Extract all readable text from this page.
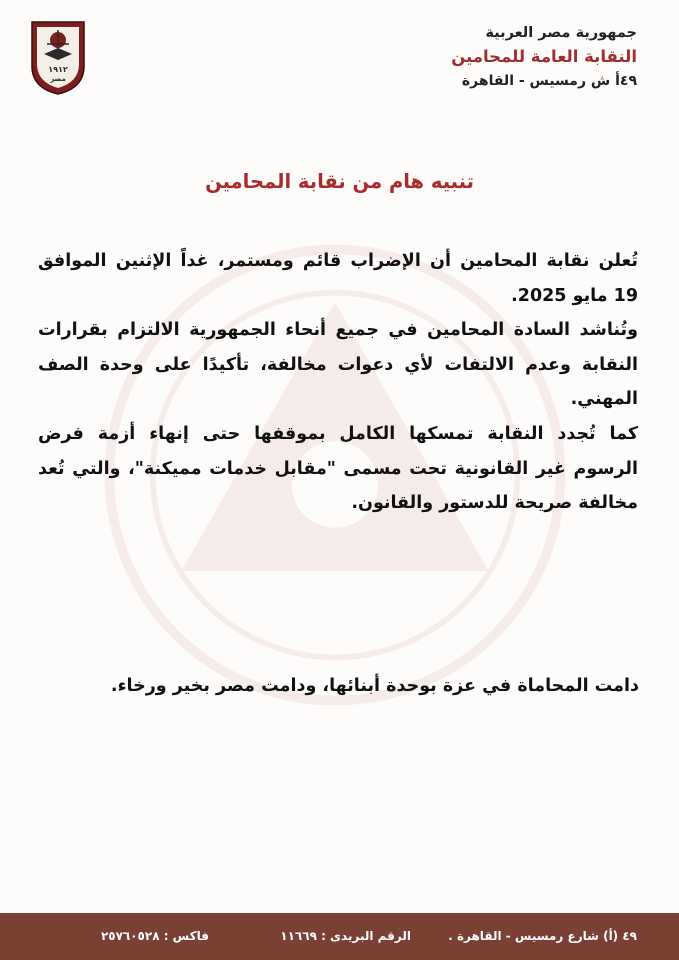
جمهورية مصر العربية

النقابة العامة للمحامين

٤٩أ ش رمسيس - القاهرة

١٩١٢
مصر
تنبيه هام من نقابة المحامين

تُعلن نقابة المحامين أن الإضراب قائم ومستمر، غداً الإثنين الموافق 19 مايو 2025.

وتُناشد السادة المحامين في جميع أنحاء الجمهورية الالتزام بقرارات النقابة وعدم الالتفات لأي دعوات مخالفة، تأكيدًا على وحدة الصف المهني.

كما تُجدد النقابة تمسكها الكامل بموقفها حتى إنهاء أزمة فرض الرسوم غير القانونية تحت مسمى "مقابل خدمات مميكنة"، والتي تُعد مخالفة صريحة للدستور والقانون.

دامت المحاماة في عزة بوحدة أبنائها، ودامت مصر بخير ورخاء.

٤٩ (أ) شارع رمسيس - القاهرة .
الرقم البريدى : ١١٦٦٩
فاكس : ٢٥٧٦٠٥٢٨
